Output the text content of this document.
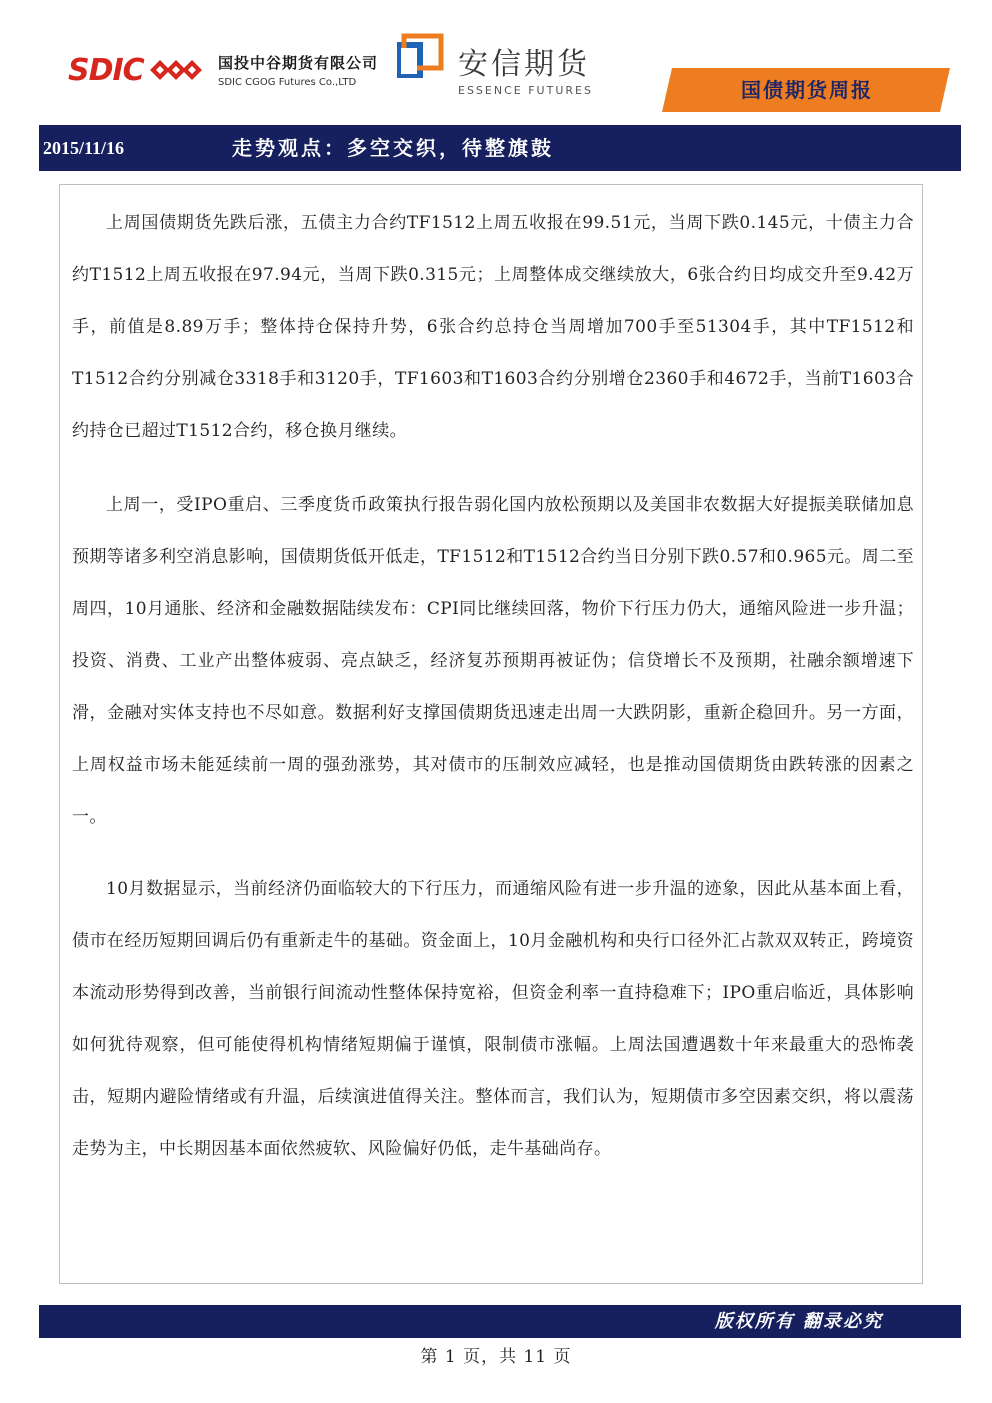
SDIC	国投中谷期货有限公司
SDIC CGOG Futures Co.,LTD
安信期货
ESSENCE FUTURES	国债期货周报
2015/11/16	走势观点：多空交织，待整旗鼓

上周国债期货先跌后涨，五债主力合约TF1512上周五收报在99.51元，当周下跌0.145元，十债主力合约T1512上周五收报在97.94元，当周下跌0.315元；上周整体成交继续放大，6张合约日均成交升至9.42万手，前值是8.89万手；整体持仓保持升势，6张合约总持仓当周增加700手至51304手，其中TF1512和T1512合约分别减仓3318手和3120手，TF1603和T1603合约分别增仓2360手和4672手，当前T1603合约持仓已超过T1512合约，移仓换月继续。

上周一，受IPO重启、三季度货币政策执行报告弱化国内放松预期以及美国非农数据大好提振美联储加息预期等诸多利空消息影响，国债期货低开低走，TF1512和T1512合约当日分别下跌0.57和0.965元。周二至周四，10月通胀、经济和金融数据陆续发布：CPI同比继续回落，物价下行压力仍大，通缩风险进一步升温；投资、消费、工业产出整体疲弱、亮点缺乏，经济复苏预期再被证伪；信贷增长不及预期，社融余额增速下滑，金融对实体支持也不尽如意。数据利好支撑国债期货迅速走出周一大跌阴影，重新企稳回升。另一方面，上周权益市场未能延续前一周的强劲涨势，其对债市的压制效应减轻，也是推动国债期货由跌转涨的因素之一。

10月数据显示，当前经济仍面临较大的下行压力，而通缩风险有进一步升温的迹象，因此从基本面上看，债市在经历短期回调后仍有重新走牛的基础。资金面上，10月金融机构和央行口径外汇占款双双转正，跨境资本流动形势得到改善，当前银行间流动性整体保持宽裕，但资金利率一直持稳难下；IPO重启临近，具体影响如何犹待观察，但可能使得机构情绪短期偏于谨慎，限制债市涨幅。上周法国遭遇数十年来最重大的恐怖袭击，短期内避险情绪或有升温，后续演进值得关注。整体而言，我们认为，短期债市多空因素交织，将以震荡走势为主，中长期因基本面依然疲软、风险偏好仍低，走牛基础尚存。

版权所有 翻录必究
第 1 页，共 11 页
